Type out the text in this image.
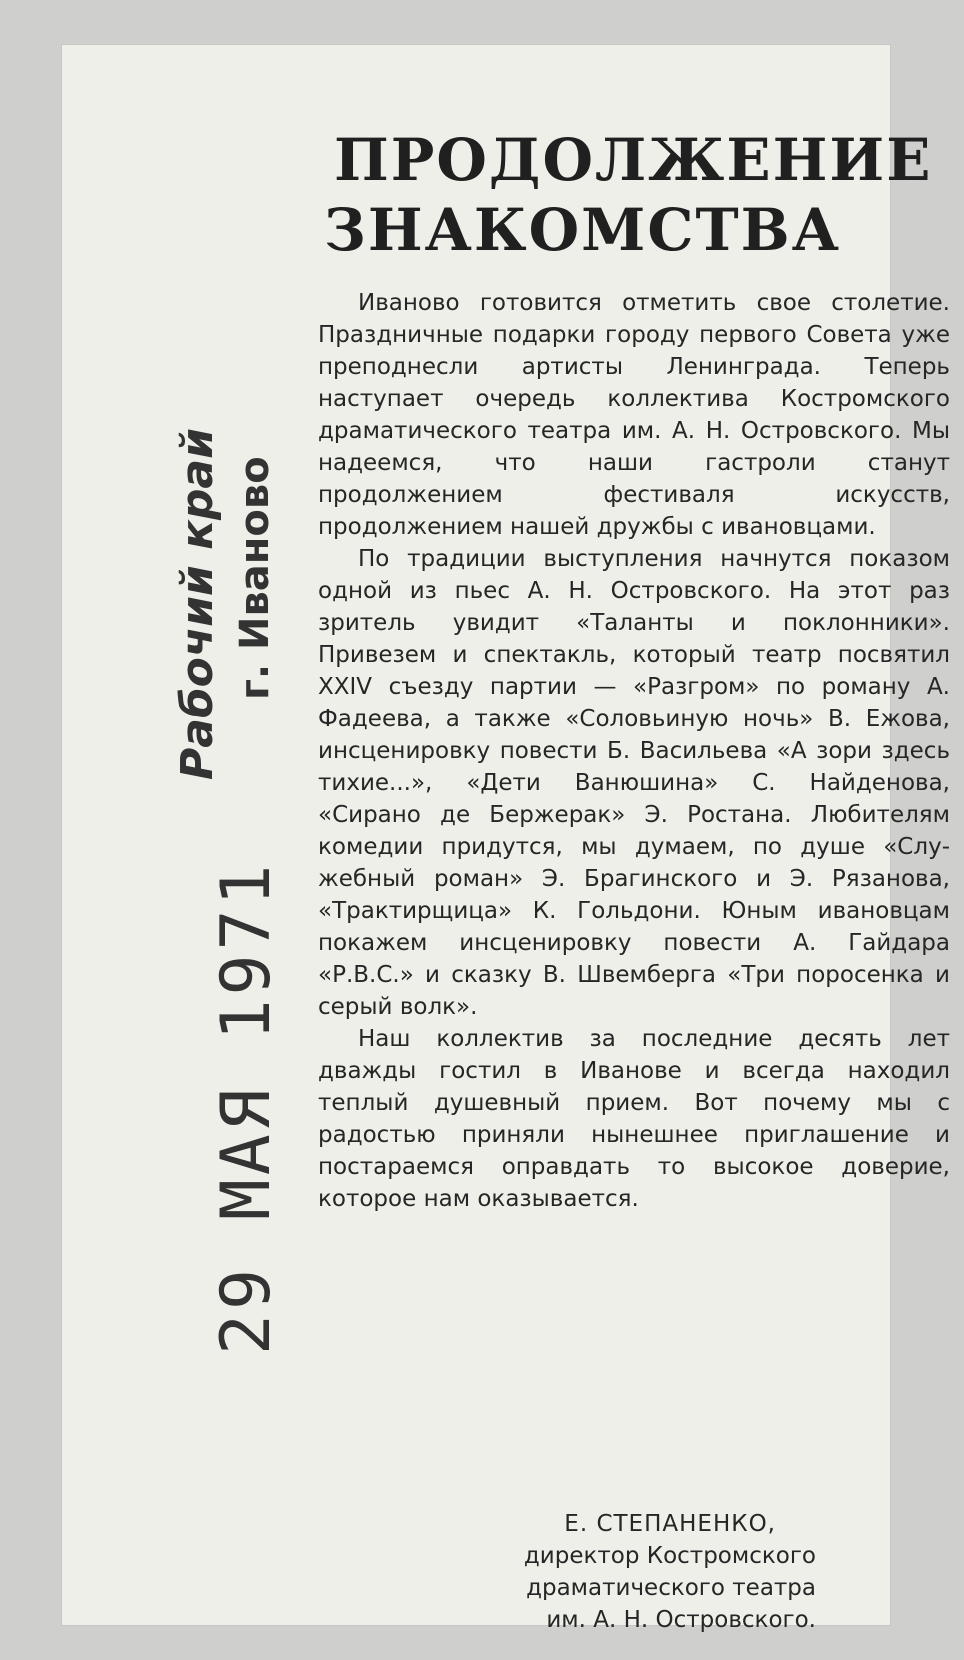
29 МАЯ 1971
Рабочий край г. Иваново
ПРОДОЛЖЕНИЕ
ЗНАКОМСТВА

Иваново готовится отметить свое столетие. Праздничные подарки городу первого Совета уже преподнесли артисты Ленинграда. Теперь наступает очередь коллектива Костромского драматического театра им. А. Н. Островского. Мы надеемся, что наши гастроли станут продолжением фестиваля искусств, продолжением нашей дружбы с ивановцами.

По традиции выступления начнутся показом одной из пьес А. Н. Островского. На этот раз зритель увидит «Таланты и поклонники». Привезем и спектакль, который театр посвятил XXIV съезду партии — «Разгром» по роману А. Фадеева, а также «Соловьиную ночь» В. Ежова, инсценировку повести Б. Васильева «А зори здесь тихие...», «Дети Ванюшина» С. Найденова, «Сирано де Бержерак» Э. Ростана. Любителям комедии придутся, мы думаем, по душе «Служебный роман» Э. Брагинского и Э. Рязанова, «Трактирщица» К. Гольдони. Юным ивановцам покажем инсценировку повести А. Гайдара «Р.В.С.» и сказку В. Швемберга «Три поросенка и серый волк».

Наш коллектив за последние десять лет дважды гостил в Иванове и всегда находил теплый душевный прием. Вот почему мы с радостью приняли нынешнее приглашение и постараемся оправдать то высокое доверие, которое нам оказывается.

Е. СТЕПАНЕНКО,
директор Костромского
драматического театра
им. А. Н. Островского.
